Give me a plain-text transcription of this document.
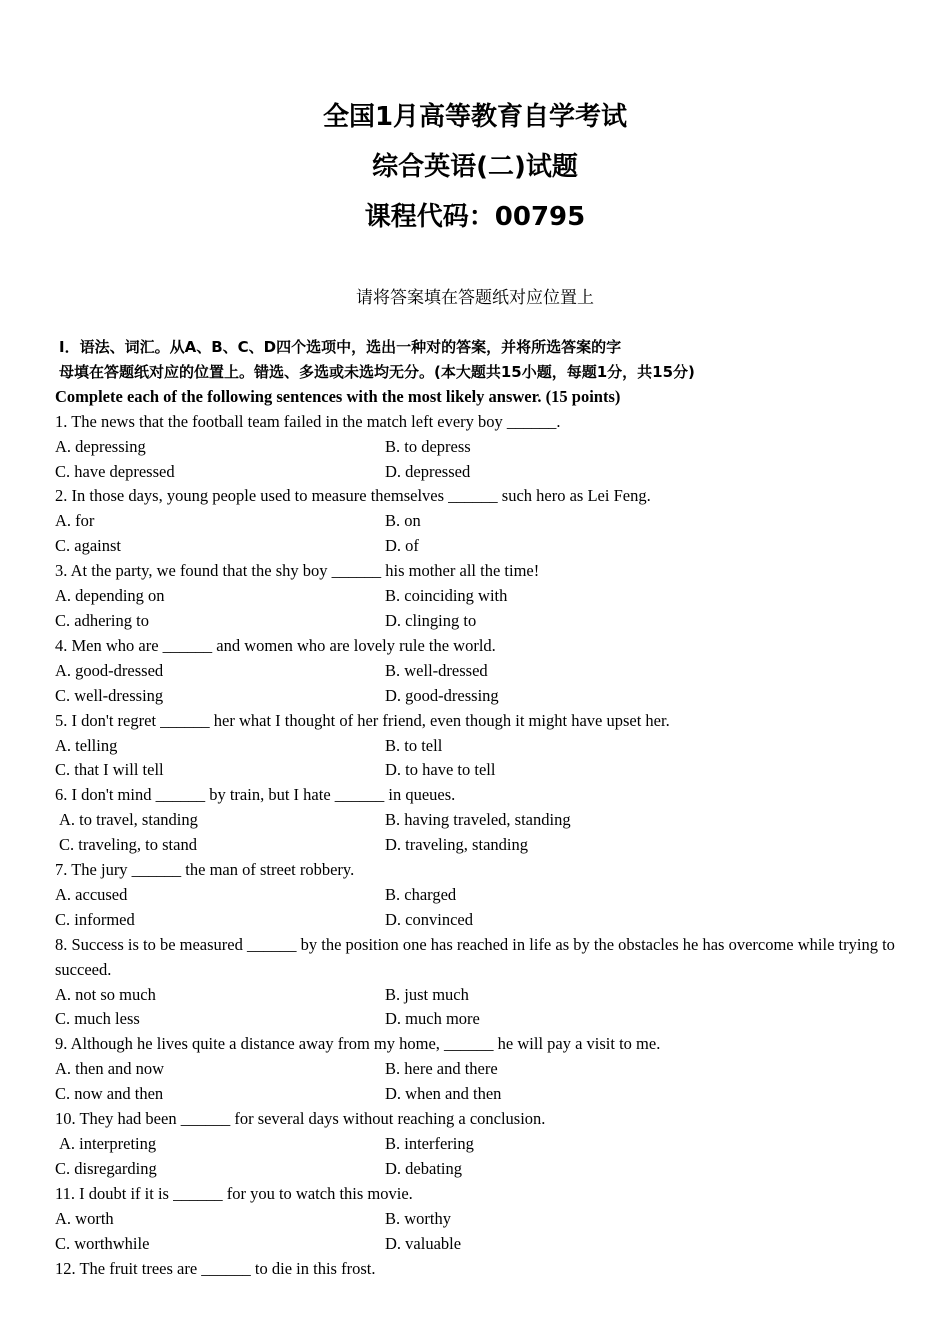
全国1月高等教育自学考试
综合英语(二)试题
课程代码：00795
请将答案填在答题纸对应位置上
I．语法、词汇。从A、B、C、D四个选项中，选出一种对的答案，并将所选答案的字
母填在答题纸对应的位置上。错选、多选或未选均无分。(本大题共15小题，每题1分，共15分)
Complete each of the following sentences with the most likely answer. (15 points)
1. The news that the football team failed in the match left every boy ______.
A. depressing	B. to depress
C. have depressed	D. depressed
2. In those days, young people used to measure themselves ______ such hero as Lei Feng.
A. for	B. on
C. against	D. of
3. At the party, we found that the shy boy ______ his mother all the time!
A. depending on	B. coinciding with
C. adhering to	D. clinging to
4. Men who are ______ and women who are lovely rule the world.
A. good-dressed	B. well-dressed
C. well-dressing	D. good-dressing
5. I don't regret ______ her what I thought of her friend, even though it might have upset her.
A. telling	B. to tell
C. that I will tell	D. to have to tell
6. I don't mind ______ by train, but I hate ______ in queues.
A. to travel, standing	B. having traveled, standing
C. traveling, to stand	D. traveling, standing
7. The jury ______ the man of street robbery.
A. accused	B. charged
C. informed	D. convinced
8. Success is to be measured ______ by the position one has reached in life as by the obstacles he has overcome while trying to succeed.
A. not so much	B. just much
C. much less	D. much more
9. Although he lives quite a distance away from my home, ______ he will pay a visit to me.
A. then and now	B. here and there
C. now and then	D. when and then
10. They had been ______ for several days without reaching a conclusion.
A. interpreting	B. interfering
C. disregarding	D. debating
11. I doubt if it is ______ for you to watch this movie.
A. worth	B. worthy
C. worthwhile	D. valuable
12. The fruit trees are ______ to die in this frost.
